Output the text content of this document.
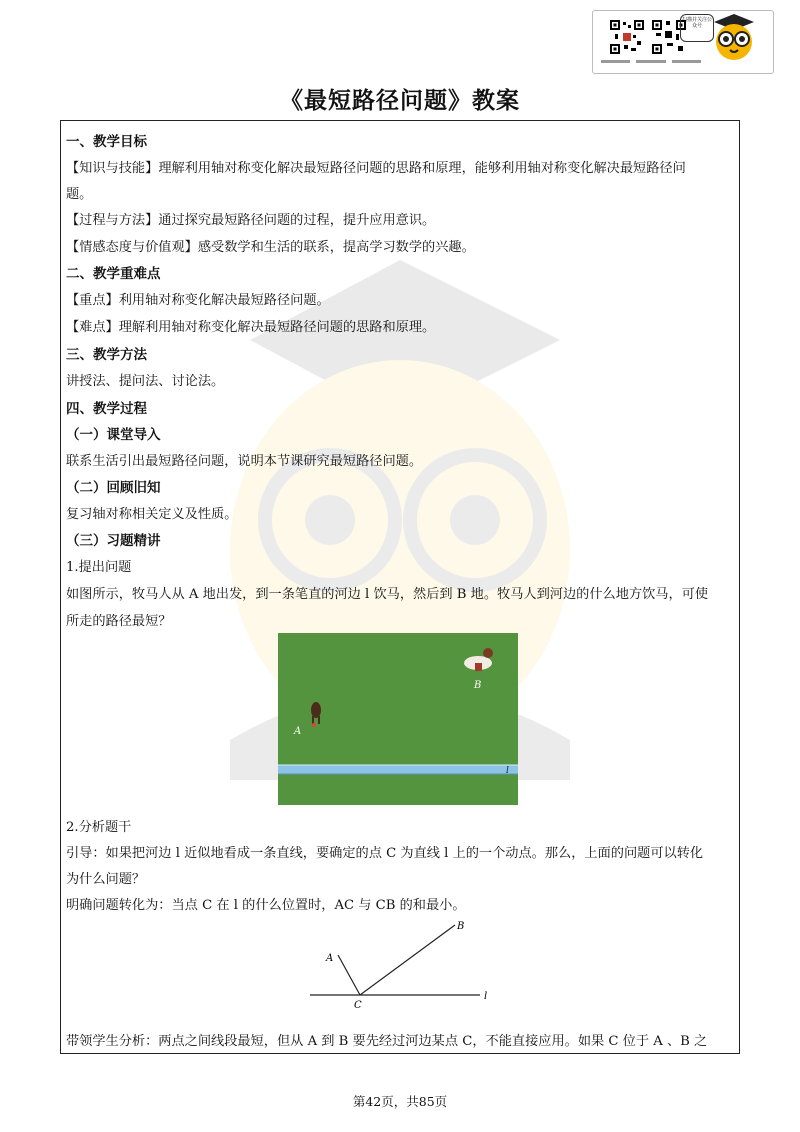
扫描并关注公众号
《最短路径问题》教案
一、教学目标
【知识与技能】理解利用轴对称变化解决最短路径问题的思路和原理，能够利用轴对称变化解决最短路径问
题。
【过程与方法】通过探究最短路径问题的过程，提升应用意识。
【情感态度与价值观】感受数学和生活的联系，提高学习数学的兴趣。
二、教学重难点
【重点】利用轴对称变化解决最短路径问题。
【难点】理解利用轴对称变化解决最短路径问题的思路和原理。
三、教学方法
讲授法、提问法、讨论法。
四、教学过程
（一）课堂导入
联系生活引出最短路径问题，说明本节课研究最短路径问题。
（二）回顾旧知
复习轴对称相关定义及性质。
（三）习题精讲
1.提出问题
如图所示，牧马人从 A 地出发，到一条笔直的河边 l 饮马，然后到 B 地。牧马人到河边的什么地方饮马，可使
所走的路径最短？
B
A
l
2.分析题干
引导：如果把河边 l 近似地看成一条直线，要确定的点 C 为直线 l 上的一个动点。那么，上面的问题可以转化
为什么问题？
明确问题转化为：当点 C 在 l 的什么位置时，AC 与 CB 的和最小。
A
B
C
l
带领学生分析：两点之间线段最短，但从 A 到 B 要先经过河边某点 C，不能直接应用。如果 C 位于 A 、B 之
第42页，共85页
